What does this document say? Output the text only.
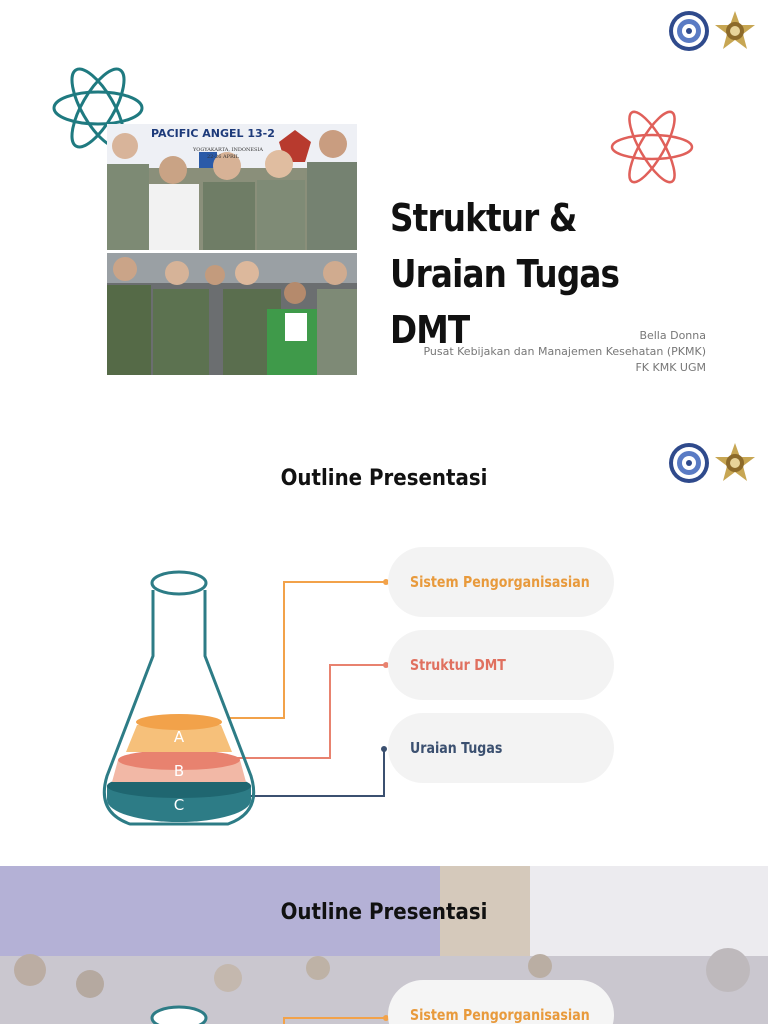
PACIFIC ANGEL 13-2
YOGYAKARTA, INDONESIA
22-26 APRIL
Struktur &
Uraian Tugas DMT	Bella Donna
Pusat Kebijakan dan Manajemen Kesehatan (PKMK)
FK KMK UGM
Outline Presentasi
A
B
C
Sistem Pengorganisasian
Struktur DMT
Uraian Tugas
Outline Presentasi
Sistem Pengorganisasian
